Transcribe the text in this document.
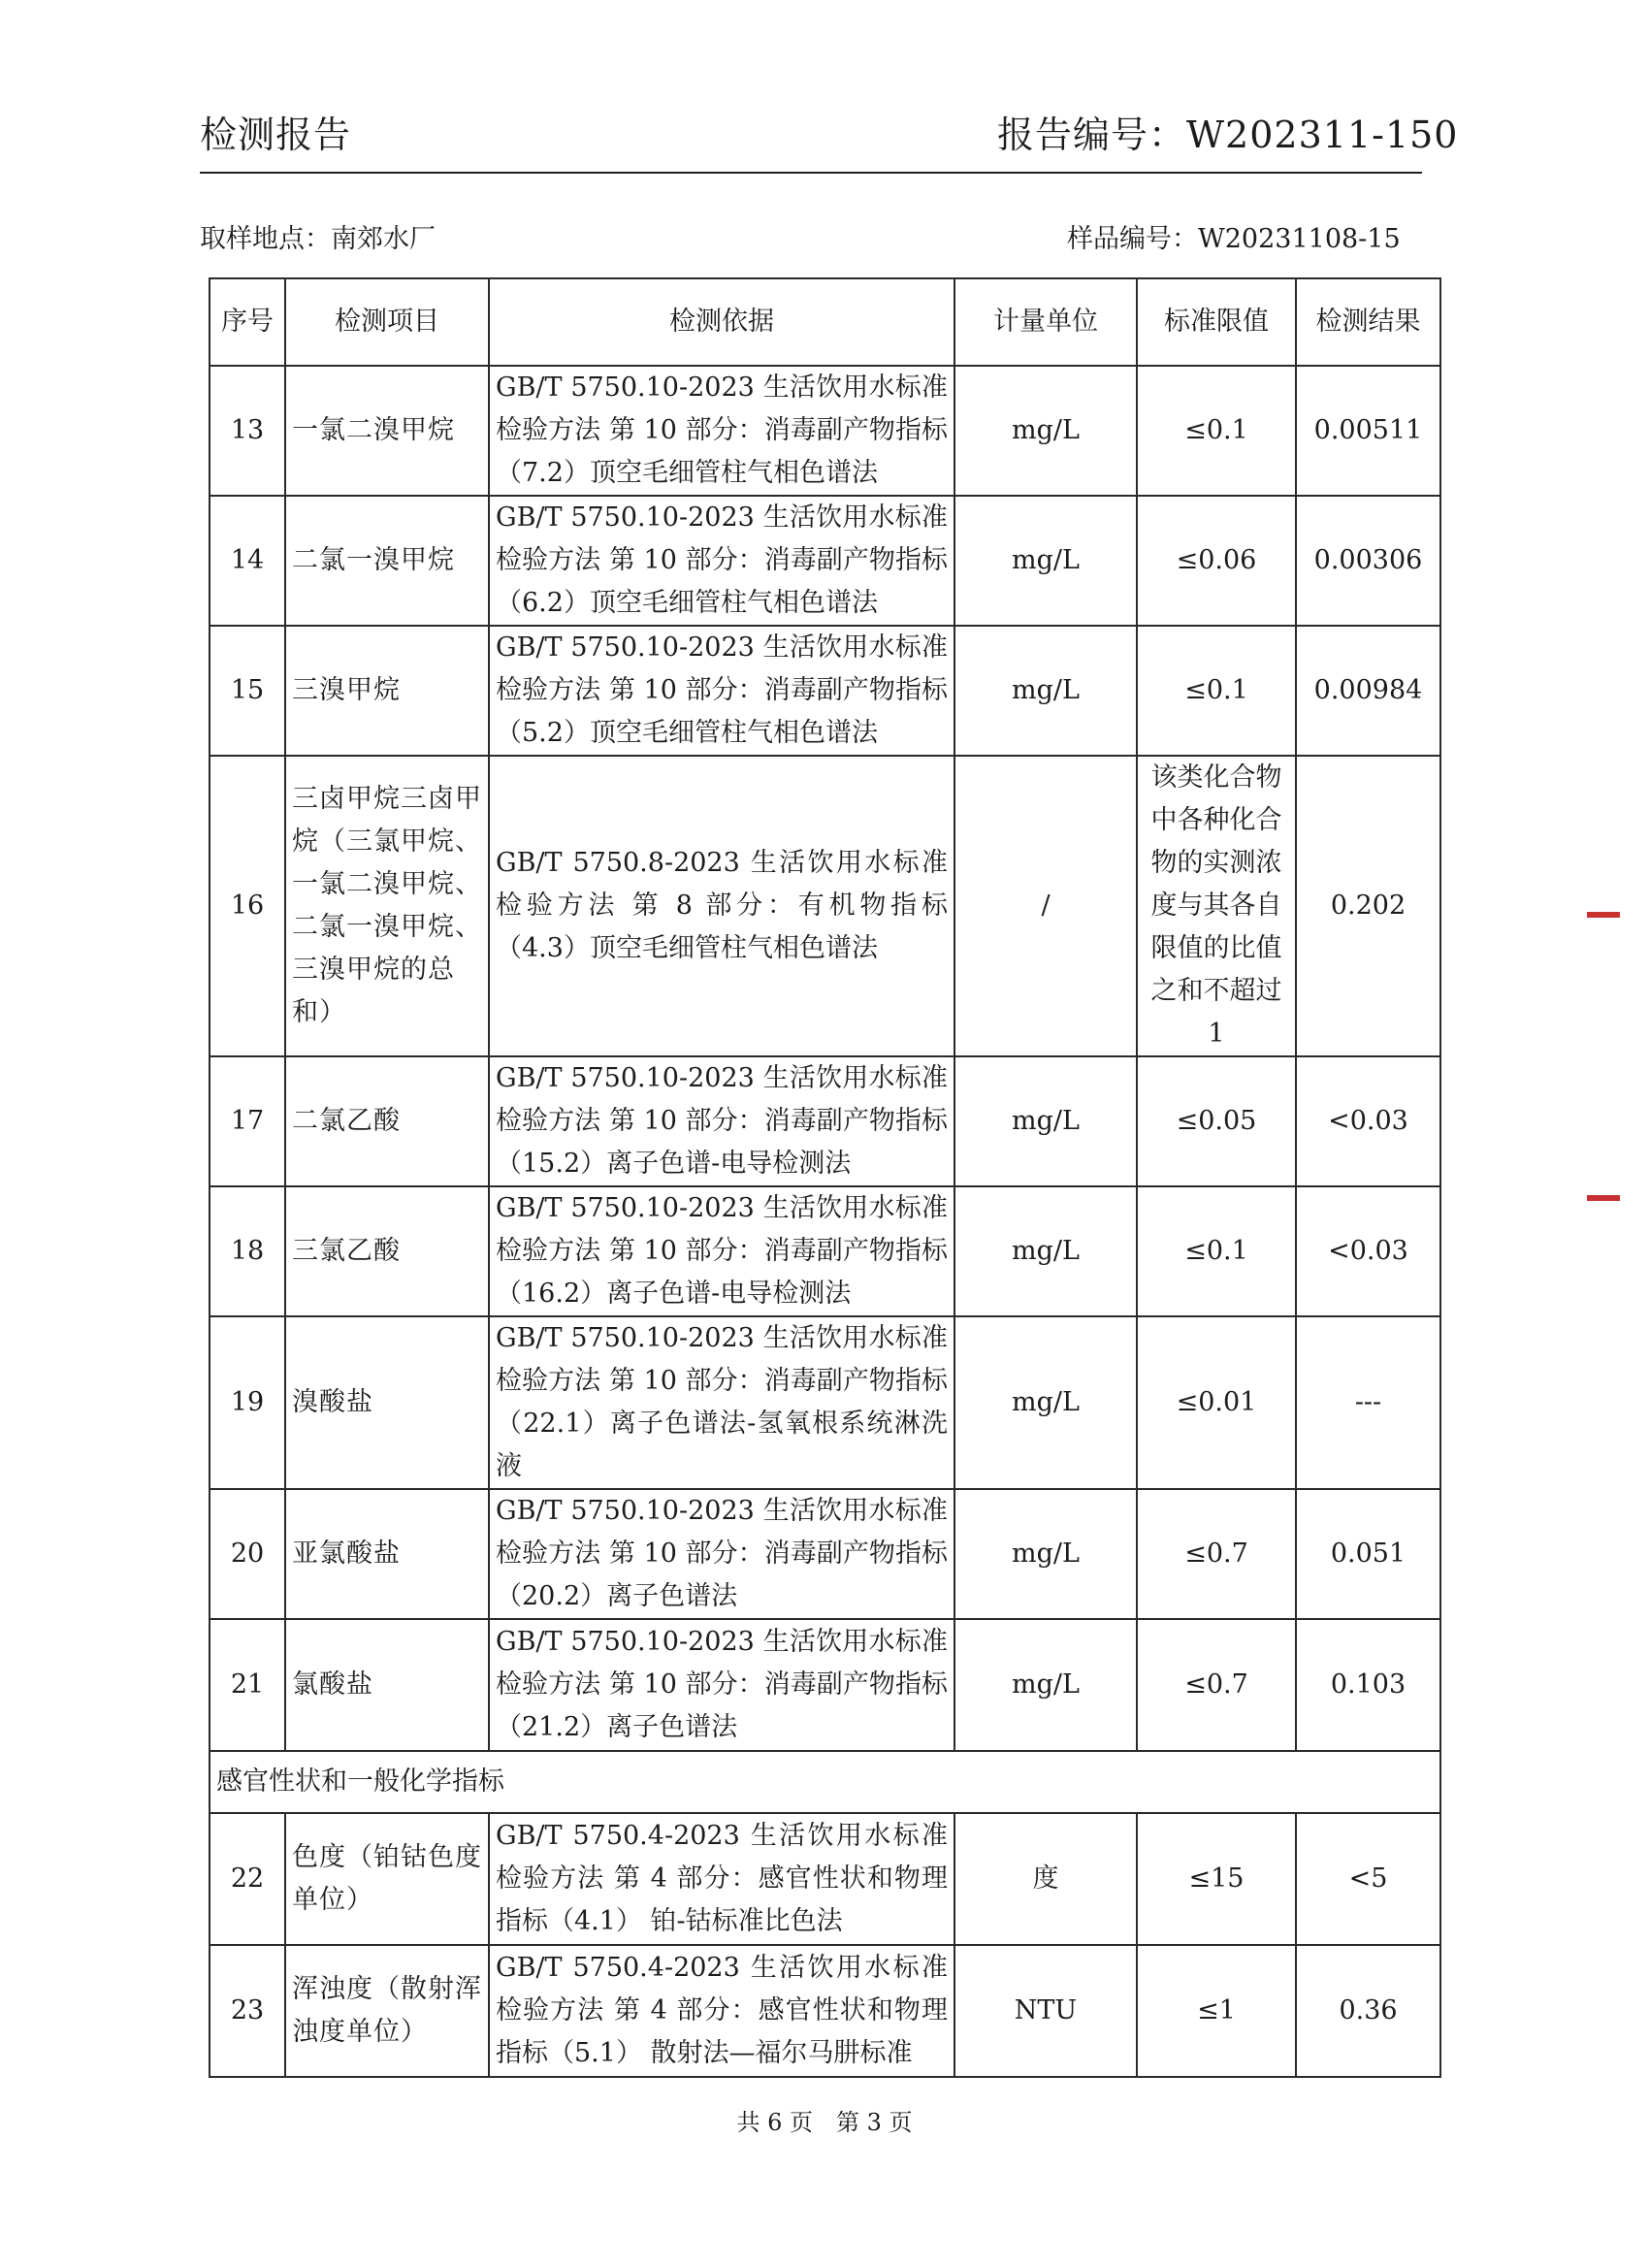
检测报告	报告编号：W202311-150
取样地点：南郊水厂	样品编号：W20231108-15
序号	检测项目	检测依据	计量单位	标准限值	检测结果
13	一氯二溴甲烷	GB/T 5750.10-2023 生活饮用水标准检验方法 第 10 部分：消毒副产物指标（7.2）顶空毛细管柱气相色谱法	mg/L	≤0.1	0.00511
14	二氯一溴甲烷	GB/T 5750.10-2023 生活饮用水标准检验方法 第 10 部分：消毒副产物指标（6.2）顶空毛细管柱气相色谱法	mg/L	≤0.06	0.00306
15	三溴甲烷	GB/T 5750.10-2023 生活饮用水标准检验方法 第 10 部分：消毒副产物指标（5.2）顶空毛细管柱气相色谱法	mg/L	≤0.1	0.00984
16	三卤甲烷三卤甲烷（三氯甲烷、一氯二溴甲烷、二氯一溴甲烷、三溴甲烷的总和）	GB/T 5750.8-2023 生活饮用水标准检验方法 第 8 部分：有机物指标（4.3）顶空毛细管柱气相色谱法	/	该类化合物中各种化合物的实测浓度与其各自限值的比值之和不超过1	0.202
17	二氯乙酸	GB/T 5750.10-2023 生活饮用水标准检验方法 第 10 部分：消毒副产物指标（15.2）离子色谱-电导检测法	mg/L	≤0.05	<0.03
18	三氯乙酸	GB/T 5750.10-2023 生活饮用水标准检验方法 第 10 部分：消毒副产物指标（16.2）离子色谱-电导检测法	mg/L	≤0.1	<0.03
19	溴酸盐	GB/T 5750.10-2023 生活饮用水标准检验方法 第 10 部分：消毒副产物指标（22.1）离子色谱法-氢氧根系统淋洗液	mg/L	≤0.01	---
20	亚氯酸盐	GB/T 5750.10-2023 生活饮用水标准检验方法 第 10 部分：消毒副产物指标（20.2）离子色谱法	mg/L	≤0.7	0.051
21	氯酸盐	GB/T 5750.10-2023 生活饮用水标准检验方法 第 10 部分：消毒副产物指标（21.2）离子色谱法	mg/L	≤0.7	0.103
感官性状和一般化学指标					
22	色度（铂钴色度单位）	GB/T 5750.4-2023 生活饮用水标准检验方法 第 4 部分：感官性状和物理指标（4.1） 铂-钴标准比色法	度	≤15	<5
23	浑浊度（散射浑浊度单位）	GB/T 5750.4-2023 生活饮用水标准检验方法 第 4 部分：感官性状和物理指标（5.1） 散射法—福尔马肼标准	NTU	≤1	0.36
共 6 页　第 3 页
